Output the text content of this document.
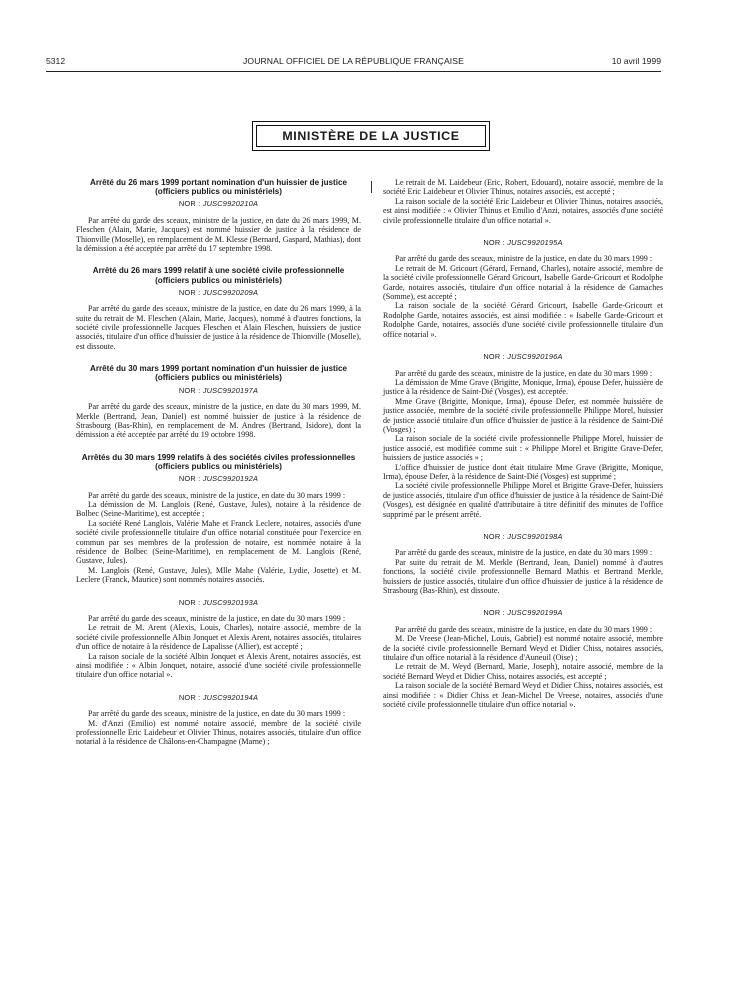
5312	JOURNAL OFFICIEL DE LA RÉPUBLIQUE FRANÇAISE	10 avril 1999
MINISTÈRE DE LA JUSTICE
Arrêté du 26 mars 1999 portant nomination d'un huissier de justice (officiers publics ou ministériels)
NOR : JUSC9920210A

Par arrêté du garde des sceaux, ministre de la justice, en date du 26 mars 1999, M. Fleschen (Alain, Marie, Jacques) est nommé huissier de justice à la résidence de Thionville (Moselle), en remplacement de M. Klesse (Bernard, Gaspard, Mathias), dont la démission a été acceptée par arrêté du 17 septembre 1998.

Arrêté du 26 mars 1999 relatif à une société civile professionnelle (officiers publics ou ministériels)
NOR : JUSC9920209A

Par arrêté du garde des sceaux, ministre de la justice, en date du 26 mars 1999, à la suite du retrait de M. Fleschen (Alain, Marie, Jacques), nommé à d'autres fonctions, la société civile professionnelle Jacques Fleschen et Alain Fleschen, huissiers de justice associés, titulaire d'un office d'huissier de justice à la résidence de Thionville (Moselle), est dissoute.

Arrêté du 30 mars 1999 portant nomination d'un huissier de justice (officiers publics ou ministériels)
NOR : JUSC9920197A

Par arrêté du garde des sceaux, ministre de la justice, en date du 30 mars 1999, M. Merkle (Bertrand, Jean, Daniel) est nommé huissier de justice à la résidence de Strasbourg (Bas-Rhin), en remplacement de M. Andres (Bertrand, Isidore), dont la démission a été acceptée par arrêté du 19 octobre 1998.

Arrêtés du 30 mars 1999 relatifs à des sociétés civiles professionnelles (officiers publics ou ministériels)
NOR : JUSC9920192A

Par arrêté du garde des sceaux, ministre de la justice, en date du 30 mars 1999 :

La démission de M. Langlois (René, Gustave, Jules), notaire à la résidence de Bolbec (Seine-Maritime), est acceptée ;

La société René Langlois, Valérie Mahe et Franck Leclere, notaires, associés d'une société civile professionnelle titulaire d'un office notarial constituée pour l'exercice en commun par ses membres de la profession de notaire, est nommée notaire à la résidence de Bolbec (Seine-Maritime), en remplacement de M. Langlois (René, Gustave, Jules).

M. Langlois (René, Gustave, Jules), Mlle Mahe (Valérie, Lydie, Josette) et M. Leclere (Franck, Maurice) sont nommés notaires associés.

NOR : JUSC9920193A

Par arrêté du garde des sceaux, ministre de la justice, en date du 30 mars 1999 :

Le retrait de M. Arent (Alexis, Louis, Charles), notaire associé, membre de la société civile professionnelle Albin Jonquet et Alexis Arent, notaires associés, titulaires d'un office de notaire à la résidence de Lapalisse (Allier), est accepté ;

La raison sociale de la société Albin Jonquet et Alexis Arent, notaires associés, est ainsi modifiée : « Albin Jonquet, notaire, associé d'une société civile professionnelle titulaire d'un office notarial ».

NOR : JUSC9920194A

Par arrêté du garde des sceaux, ministre de la justice, en date du 30 mars 1999 :

M. d'Anzi (Emilio) est nommé notaire associé, membre de la société civile professionnelle Eric Laidebeur et Olivier Thinus, notaires associés, titulaire d'un office notarial à la résidence de Châlons-en-Champagne (Marne) ;

Le retrait de M. Laidebeur (Eric, Robert, Edouard), notaire associé, membre de la société Eric Laidebeur et Olivier Thinus, notaires associés, est accepté ;

La raison sociale de la société Eric Laidebeur et Olivier Thinus, notaires associés, est ainsi modifiée : « Olivier Thinus et Emilio d'Anzi, notaires, associés d'une société civile professionnelle titulaire d'un office notarial ».

NOR : JUSC9920195A

Par arrêté du garde des sceaux, ministre de la justice, en date du 30 mars 1999 :

Le retrait de M. Gricourt (Gérard, Fernand, Charles), notaire associé, membre de la société civile professionnelle Gérard Gricourt, Isabelle Garde-Gricourt et Rodolphe Garde, notaires associés, titulaire d'un office notarial à la résidence de Gamaches (Somme), est accepté ;

La raison sociale de la société Gérard Gricourt, Isabelle Garde-Gricourt et Rodolphe Garde, notaires associés, est ainsi modifiée : « Isabelle Garde-Gricourt et Rodolphe Garde, notaires, associés d'une société civile professionnelle titulaire d'un office notarial ».

NOR : JUSC9920196A

Par arrêté du garde des sceaux, ministre de la justice, en date du 30 mars 1999 :

La démission de Mme Grave (Brigitte, Monique, Irma), épouse Defer, huissière de justice à la résidence de Saint-Dié (Vosges), est acceptée.

Mme Grave (Brigitte, Monique, Irma), épouse Defer, est nommée huissière de justice associée, membre de la société civile professionnelle Philippe Morel, huissier de justice associé titulaire d'un office d'huissier de justice à la résidence de Saint-Dié (Vosges) ;

La raison sociale de la société civile professionnelle Philippe Morel, huissier de justice associé, est modifiée comme suit : « Philippe Morel et Brigitte Grave-Defer, huissiers de justice associés » ;

L'office d'huissier de justice dont était titulaire Mme Grave (Brigitte, Monique, Irma), épouse Defer, à la résidence de Saint-Dié (Vosges) est supprimé ;

La société civile professionnelle Philippe Morel et Brigitte Grave-Defer, huissiers de justice associés, titulaire d'un office d'huissier de justice à la résidence de Saint-Dié (Vosges), est désignée en qualité d'attributaire à titre définitif des minutes de l'office supprimé par le présent arrêté.

NOR : JUSC9920198A

Par arrêté du garde des sceaux, ministre de la justice, en date du 30 mars 1999 :

Par suite du retrait de M. Merkle (Bertrand, Jean, Daniel) nommé à d'autres fonctions, la société civile professionnelle Bernard Mathis et Bertrand Merkle, huissiers de justice associés, titulaire d'un office d'huissier de justice à la résidence de Strasbourg (Bas-Rhin), est dissoute.

NOR : JUSC9920199A

Par arrêté du garde des sceaux, ministre de la justice, en date du 30 mars 1999 :

M. De Vreese (Jean-Michel, Louis, Gabriel) est nommé notaire associé, membre de la société civile professionnelle Bernard Weyd et Didier Chiss, notaires associés, titulaire d'un office notarial à la résidence d'Auneuil (Oise) ;

Le retrait de M. Weyd (Bernard, Marie, Joseph), notaire associé, membre de la société Bernard Weyd et Didier Chiss, notaires associés, est accepté ;

La raison sociale de la société Bernard Weyd et Didier Chiss, notaires associés, est ainsi modifiée : « Didier Chiss et Jean-Michel De Vreese, notaires, associés d'une société civile professionnelle titulaire d'un office notarial ».
